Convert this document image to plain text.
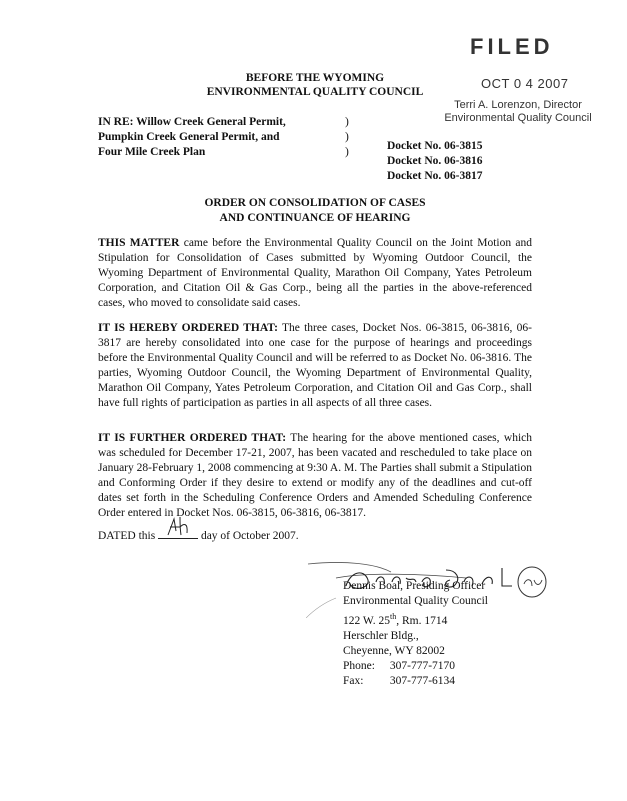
FILED
OCT 0 4 2007
Terri A. Lorenzon, Director
Environmental Quality Council
BEFORE THE WYOMING
ENVIRONMENTAL QUALITY COUNCIL
IN RE: Willow Creek General Permit,
Pumpkin Creek General Permit, and
Four Mile Creek Plan
)
)
)	Docket No. 06-3815
Docket No. 06-3816
Docket No. 06-3817
ORDER ON CONSOLIDATION OF CASES
AND CONTINUANCE OF HEARING
THIS MATTER came before the Environmental Quality Council on the Joint Motion and Stipulation for Consolidation of Cases submitted by Wyoming Outdoor Council, the Wyoming Department of Environmental Quality, Marathon Oil Company, Yates Petroleum Corporation, and Citation Oil & Gas Corp., being all the parties in the above-referenced cases, who moved to consolidate said cases.
IT IS HEREBY ORDERED THAT: The three cases, Docket Nos. 06-3815, 06-3816, 06-3817 are hereby consolidated into one case for the purpose of hearings and proceedings before the Environmental Quality Council and will be referred to as Docket No. 06-3816. The parties, Wyoming Outdoor Council, the Wyoming Department of Environmental Quality, Marathon Oil Company, Yates Petroleum Corporation, and Citation Oil and Gas Corp., shall have full rights of participation as parties in all aspects of all three cases.
IT IS FURTHER ORDERED THAT: The hearing for the above mentioned cases, which was scheduled for December 17-21, 2007, has been vacated and rescheduled to take place on January 28-February 1, 2008 commencing at 9:30 A. M. The Parties shall submit a Stipulation and Conforming Order if they desire to extend or modify any of the deadlines and cut-off dates set forth in the Scheduling Conference Orders and Amended Scheduling Conference Order entered in Docket Nos. 06-3815, 06-3816, 06-3817.
DATED this	day of October 2007.
Dennis Boal, Presiding Officer
Environmental Quality Council
122 W. 25th, Rm. 1714
Herschler Bldg.,
Cheyenne, WY 82002
Phone: 307-777-7170
Fax: 307-777-6134
